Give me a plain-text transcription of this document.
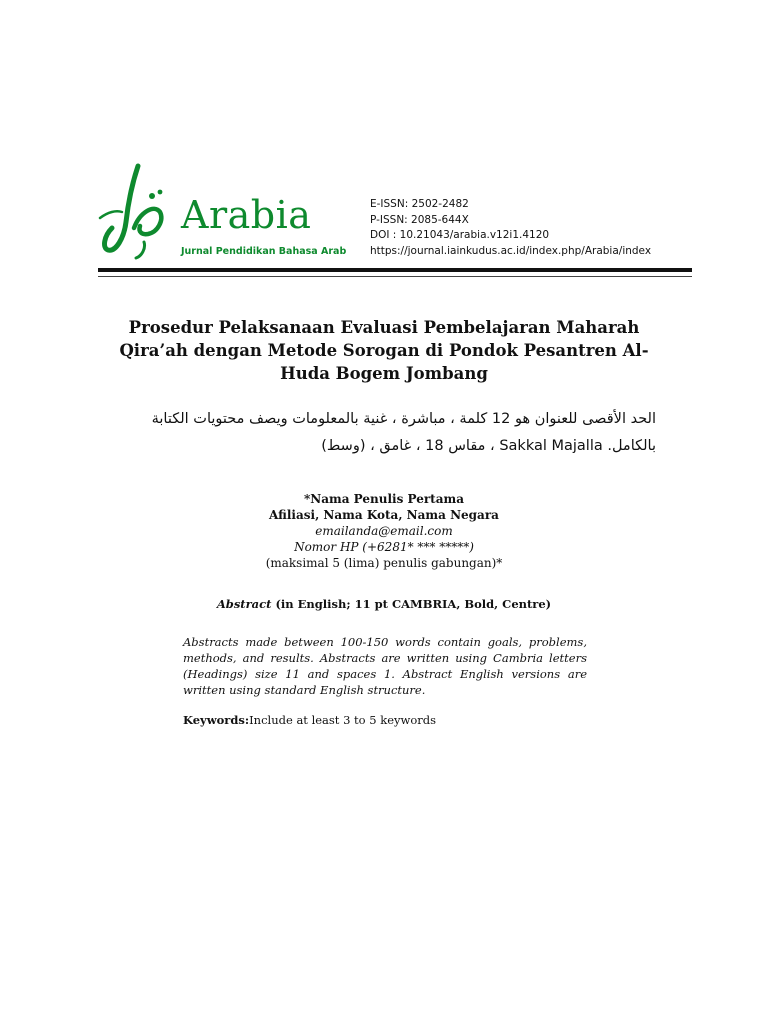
Arabia
Jurnal Pendidikan Bahasa Arab
E-ISSN: 2502-2482
P-ISSN: 2085-644X
DOI : 10.21043/arabia.v12i1.4120
https://journal.iainkudus.ac.id/index.php/Arabia/index
Prosedur Pelaksanaan Evaluasi Pembelajaran Maharah
Qira’ah dengan Metode Sorogan di Pondok Pesantren Al-
Huda Bogem Jombang
الحد الأقصى للعنوان هو 12 كلمة ، مباشرة ، غنية بالمعلومات ويصف محتويات الكتابة
بالكامل. Sakkal Majalla ، مقاس 18 ، غامق ، (وسط)
*Nama Penulis Pertama
Afiliasi, Nama Kota, Nama Negara
emailanda@email.com
Nomor HP (+6281* *** *****)
(maksimal 5 (lima) penulis gabungan)*
Abstract (in English; 11 pt CAMBRIA, Bold, Centre)
Abstracts made between 100-150 words contain goals, problems, methods, and results. Abstracts are written using Cambria letters (Headings) size 11 and spaces 1. Abstract English versions are written using standard English structure.
Keywords:Include at least 3 to 5 keywords
